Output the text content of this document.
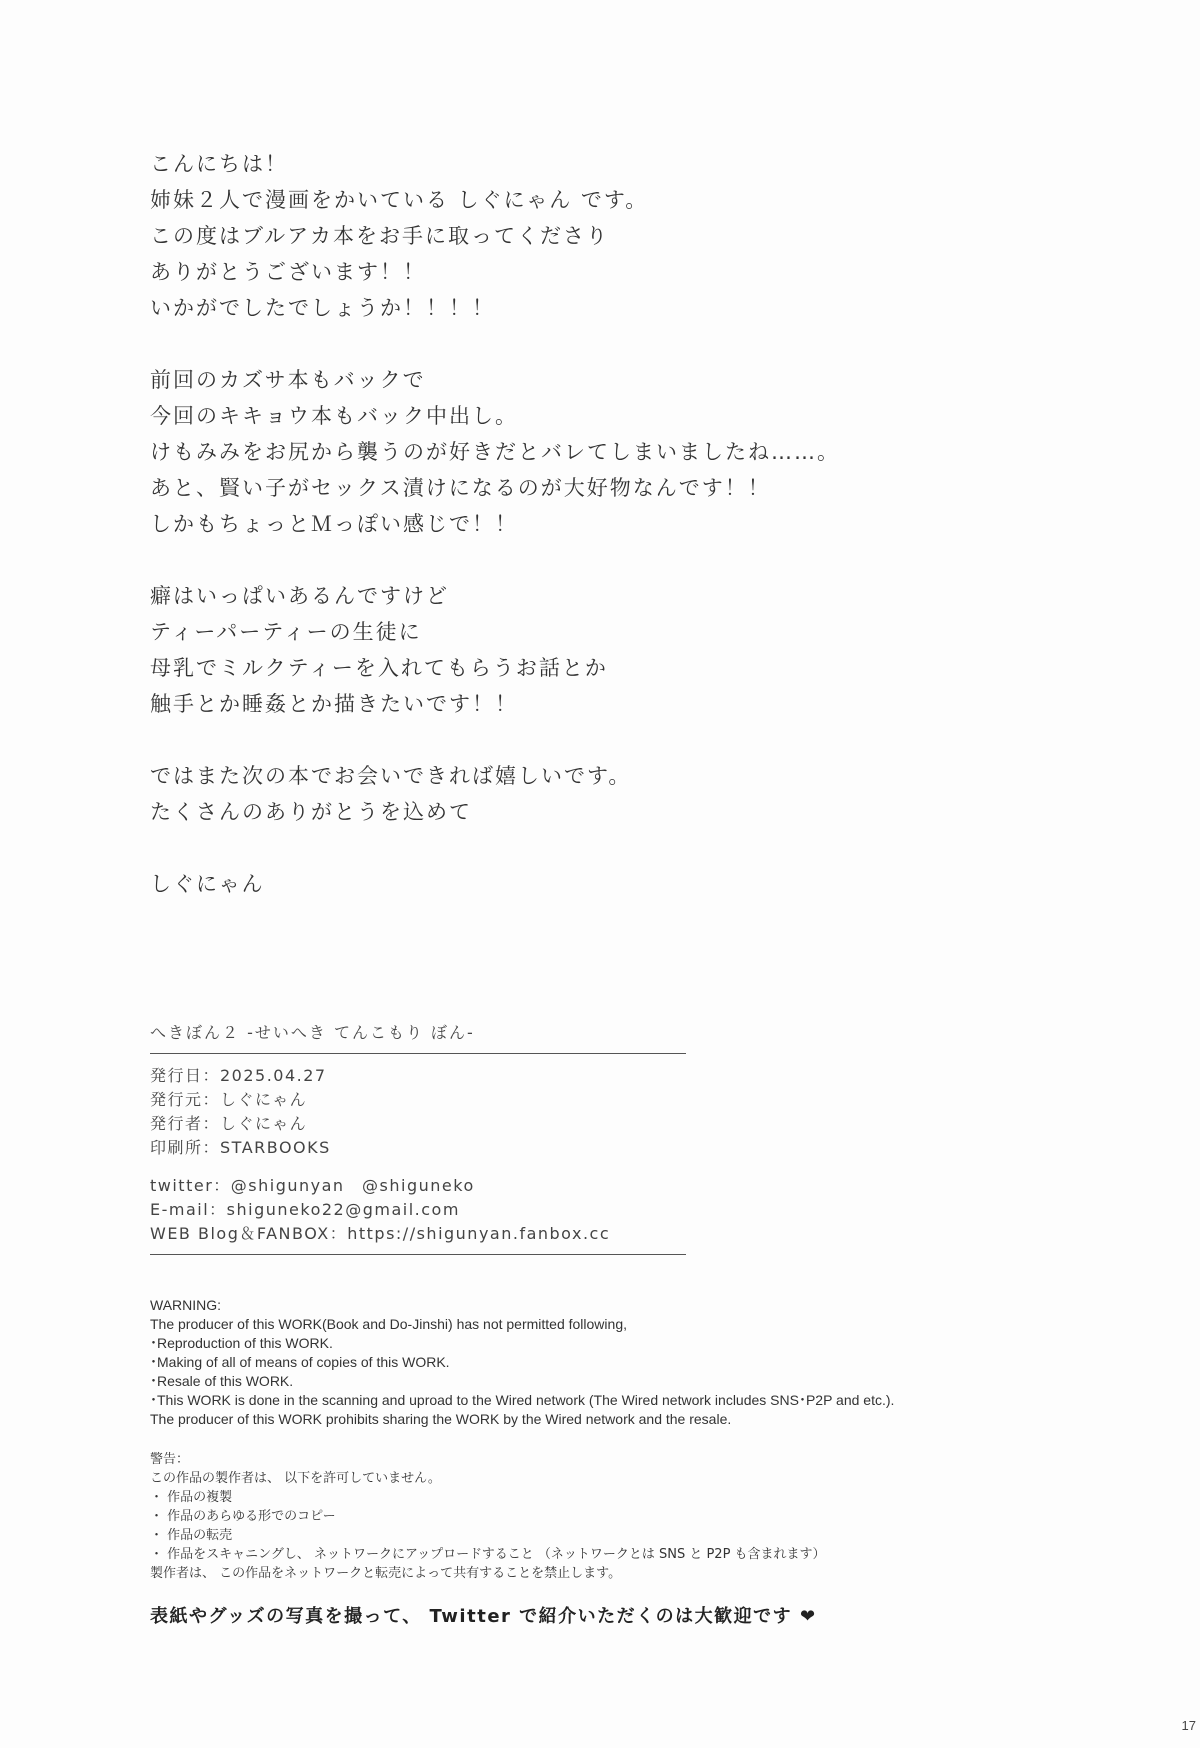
こんにちは！
姉妹２人で漫画をかいている しぐにゃん です。
この度はブルアカ本をお手に取ってくださり
ありがとうございます！！
いかがでしたでしょうか！！！！
前回のカズサ本もバックで
今回のキキョウ本もバック中出し。
けもみみをお尻から襲うのが好きだとバレてしまいましたね……。
あと、賢い子がセックス漬けになるのが大好物なんです！！
しかもちょっとＭっぽい感じで！！
癖はいっぱいあるんですけど
ティーパーティーの生徒に
母乳でミルクティーを入れてもらうお話とか
触手とか睡姦とか描きたいです！！
ではまた次の本でお会いできれば嬉しいです。
たくさんのありがとうを込めて
しぐにゃん
へきぼん２ -せいへき てんこもり ぼん-
発行日：2025.04.27
発行元：しぐにゃん
発行者：しぐにゃん
印刷所：STARBOOKS
twitter：@shigunyan　@shiguneko
E-mail：shiguneko22@gmail.com
WEB Blog＆FANBOX：https://shigunyan.fanbox.cc
WARNING:
The producer of this WORK(Book and Do-Jinshi) has not permitted following,
･Reproduction of this WORK.
･Making of all of means of copies of this WORK.
･Resale of this WORK.
･This WORK is done in the scanning and uproad to the Wired network (The Wired network includes SNS･P2P and etc.).
The producer of this WORK prohibits sharing the WORK by the Wired network and the resale.
警告：
この作品の製作者は、 以下を許可していません。
・ 作品の複製
・ 作品のあらゆる形でのコピー
・ 作品の転売
・ 作品をスキャニングし、 ネットワークにアップロードすること （ネットワークとは SNS と P2P も含まれます）
製作者は、 この作品をネットワークと転売によって共有することを禁止します。
表紙やグッズの写真を撮って、 Twitter で紹介いただくのは大歓迎です ❤
17
